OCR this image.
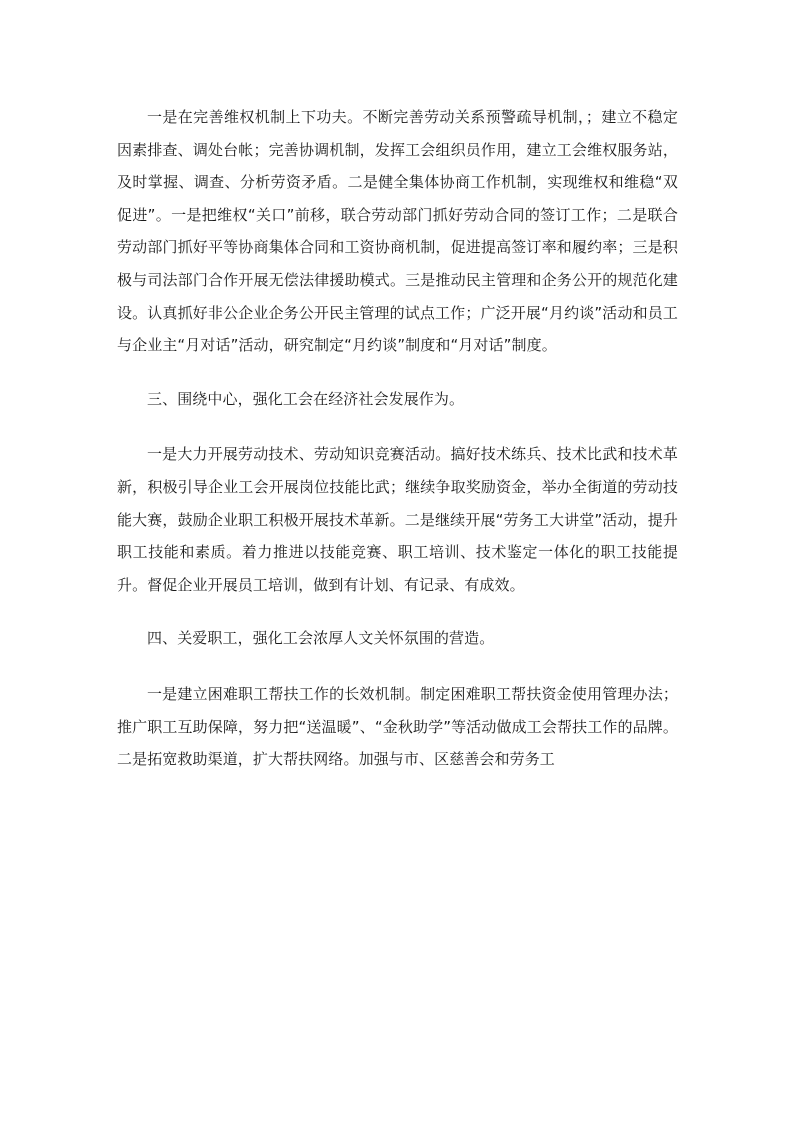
一是在完善维权机制上下功夫。不断完善劳动关系预警疏导机制，；建立不稳定因素排查、调处台帐；完善协调机制，发挥工会组织员作用，建立工会维权服务站，及时掌握、调查、分析劳资矛盾。二是健全集体协商工作机制，实现维权和维稳“双促进”。一是把维权“关口”前移，联合劳动部门抓好劳动合同的签订工作；二是联合劳动部门抓好平等协商集体合同和工资协商机制，促进提高签订率和履约率；三是积极与司法部门合作开展无偿法律援助模式。三是推动民主管理和企务公开的规范化建设。认真抓好非公企业企务公开民主管理的试点工作；广泛开展“月约谈”活动和员工与企业主“月对话”活动，研究制定“月约谈”制度和“月对话”制度。

三、围绕中心，强化工会在经济社会发展作为。

一是大力开展劳动技术、劳动知识竞赛活动。搞好技术练兵、技术比武和技术革新，积极引导企业工会开展岗位技能比武；继续争取奖励资金，举办全街道的劳动技能大赛，鼓励企业职工积极开展技术革新。二是继续开展“劳务工大讲堂”活动，提升职工技能和素质。着力推进以技能竞赛、职工培训、技术鉴定一体化的职工技能提升。督促企业开展员工培训，做到有计划、有记录、有成效。

四、关爱职工，强化工会浓厚人文关怀氛围的营造。

一是建立困难职工帮扶工作的长效机制。制定困难职工帮扶资金使用管理办法；推广职工互助保障，努力把“送温暖”、“金秋助学”等活动做成工会帮扶工作的品牌。二是拓宽救助渠道，扩大帮扶网络。加强与市、区慈善会和劳务工
